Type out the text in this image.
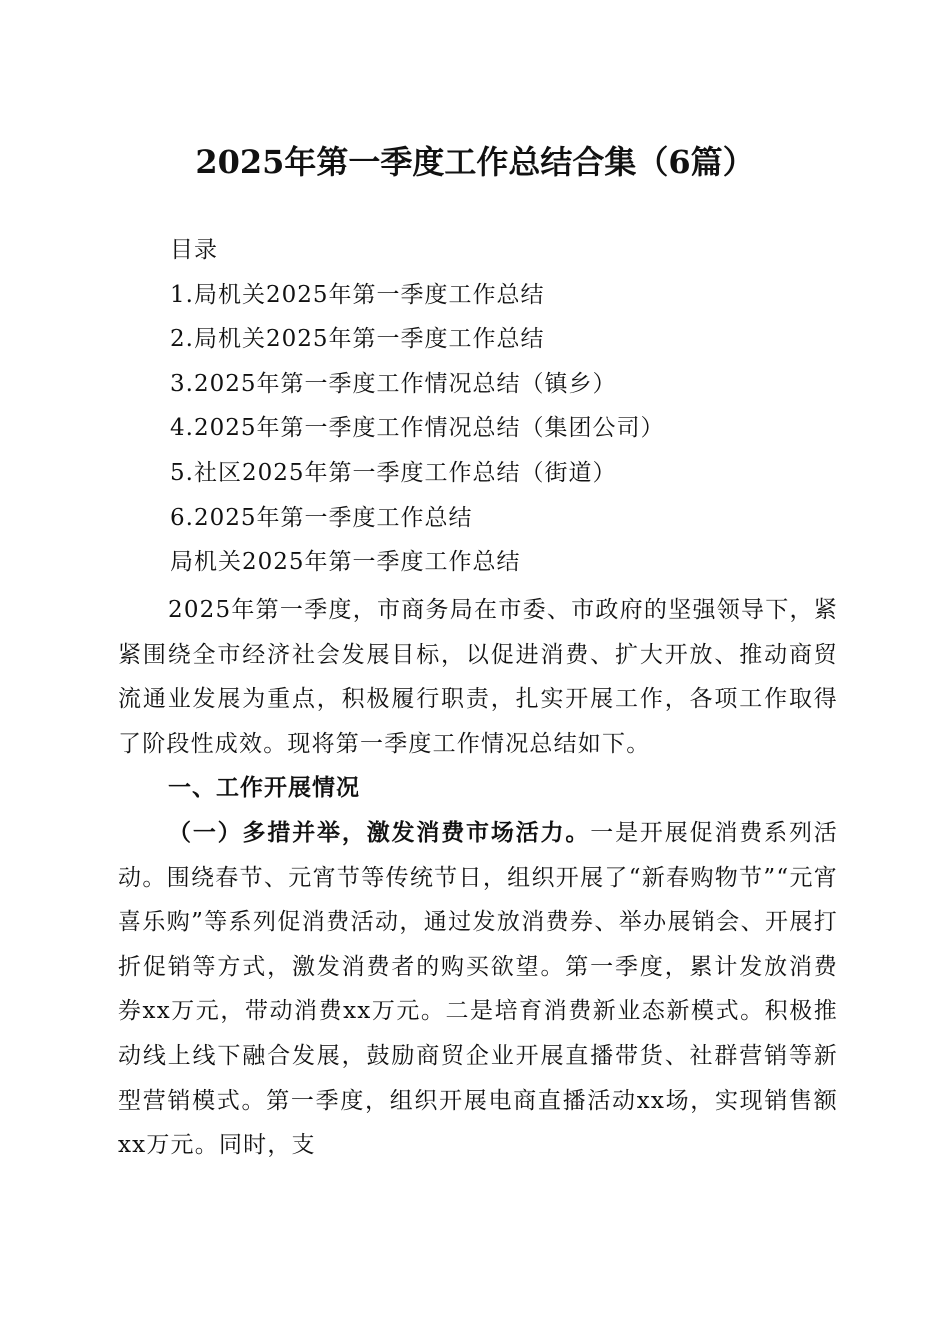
2025年第一季度工作总结合集（6篇）
目录
1.局机关2025年第一季度工作总结
2.局机关2025年第一季度工作总结
3.2025年第一季度工作情况总结（镇乡）
4.2025年第一季度工作情况总结（集团公司）
5.社区2025年第一季度工作总结（街道）
6.2025年第一季度工作总结
局机关2025年第一季度工作总结

2025年第一季度，市商务局在市委、市政府的坚强领导下，紧紧围绕全市经济社会发展目标，以促进消费、扩大开放、推动商贸流通业发展为重点，积极履行职责，扎实开展工作，各项工作取得了阶段性成效。现将第一季度工作情况总结如下。

一、工作开展情况

（一）多措并举，激发消费市场活力。一是开展促消费系列活动。围绕春节、元宵节等传统节日，组织开展了“新春购物节”“元宵喜乐购”等系列促消费活动，通过发放消费券、举办展销会、开展打折促销等方式，激发消费者的购买欲望。第一季度，累计发放消费券xx万元，带动消费xx万元。二是培育消费新业态新模式。积极推动线上线下融合发展，鼓励商贸企业开展直播带货、社群营销等新型营销模式。第一季度，组织开展电商直播活动xx场，实现销售额xx万元。同时，支
